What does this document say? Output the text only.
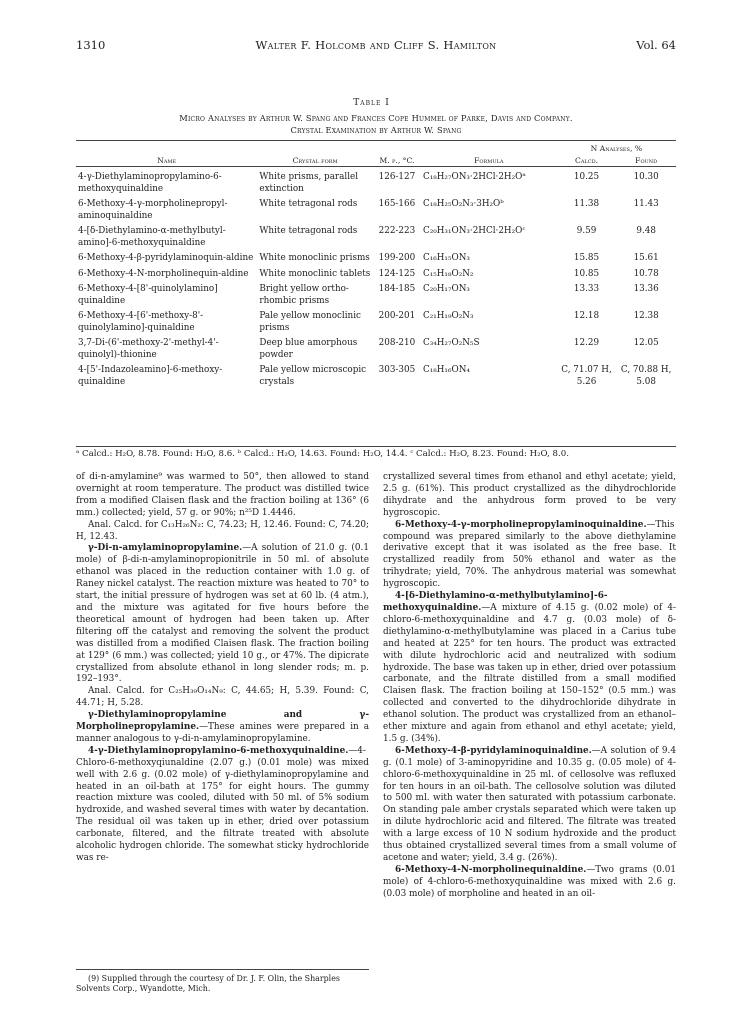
1310	Walter F. Holcomb and Cliff S. Hamilton	Vol. 64
Table I
Micro Analyses by Arthur W. Spang and Frances Cope Hummel of Parke, Davis and Company.
Crystal Examination by Arthur W. Spang
Name	Crystal form	M. p., °C.	Formula	N Analyses, %	
				Calcd.	Found
4-γ-Diethylaminopropylamino-6-methoxyquinaldine	White prisms, parallel extinction	126-127	C₁₈H₂₇ON₃·2HCl·2H₂Oᵃ	10.25	10.30
6-Methoxy-4-γ-morpholinepropyl-aminoquinaldine	White tetragonal rods	165-166	C₁₈H₂₅O₂N₃·3H₂Oᵇ	11.38	11.43
4-[δ-Diethylamino-α-methylbutyl-amino]-6-methoxyquinaldine	White tetragonal rods	222-223	C₂₀H₃₁ON₃·2HCl·2H₂Oᶜ	9.59	9.48
6-Methoxy-4-β-pyridylaminoquin-aldine	White monoclinic prisms	199-200	C₁₆H₁₅ON₃	15.85	15.61
6-Methoxy-4-N-morpholinequin-aldine	White monoclinic tablets	124-125	C₁₅H₁₈O₂N₂	10.85	10.78
6-Methoxy-4-[8'-quinolylamino] quinaldine	Bright yellow ortho-rhombic prisms	184-185	C₂₀H₁₇ON₃	13.33	13.36
6-Methoxy-4-[6'-methoxy-8'-quinolylamino]-quinaldine	Pale yellow monoclinic prisms	200-201	C₂₁H₁₉O₂N₃	12.18	12.38
3,7-Di-(6'-methoxy-2'-methyl-4'-quinolyl)-thionine	Deep blue amorphous powder	208-210	C₃₄H₂₇O₂N₅S	12.29	12.05
4-[5'-Indazoleamino]-6-methoxy-quinaldine	Pale yellow microscopic crystals	303-305	C₁₈H₁₆ON₄	C, 71.07 H, 5.26	C, 70.88 H, 5.08
ᵃ Calcd.: H₂O, 8.78. Found: H₂O, 8.6. ᵇ Calcd.: H₂O, 14.63. Found: H₂O, 14.4. ᶜ Calcd.: H₂O, 8.23. Found: H₂O, 8.0.

of di-n-amylamine⁹ was warmed to 50°, then allowed to stand overnight at room temperature. The product was distilled twice from a modified Claisen flask and the fraction boiling at 136° (6 mm.) collected; yield, 57 g. or 90%; n²⁵D 1.4446.

Anal. Calcd. for C₁₃H₂₆N₂: C, 74.23; H, 12.46. Found: C, 74.20; H, 12.43.

γ-Di-n-amylaminopropylamine.—A solution of 21.0 g. (0.1 mole) of β-di-n-amylaminopropionitrile in 50 ml. of absolute ethanol was placed in the reduction container with 1.0 g. of Raney nickel catalyst. The reaction mixture was heated to 70° to start, the initial pressure of hydrogen was set at 60 lb. (4 atm.), and the mixture was agitated for five hours before the theoretical amount of hydrogen had been taken up. After filtering off the catalyst and removing the solvent the product was distilled from a modified Claisen flask. The fraction boiling at 129° (6 mm.) was collected; yield 10 g., or 47%. The dipicrate crystallized from absolute ethanol in long slender rods; m. p. 192–193°.

Anal. Calcd. for C₂₅H₃₉O₁₄N₉: C, 44.65; H, 5.39. Found: C, 44.71; H, 5.28.

γ-Diethylaminopropylamine and γ-Morpholinepropylamine.—These amines were prepared in a manner analogous to γ-di-n-amylaminopropylamine.

4-γ-Diethylaminopropylamino-6-methoxyquinaldine.—4-Chloro-6-methoxyqiunaldine (2.07 g.) (0.01 mole) was mixed well with 2.6 g. (0.02 mole) of γ-diethylaminopropylamine and heated in an oil-bath at 175° for eight hours. The gummy reaction mixture was cooled, diluted with 50 ml. of 5% sodium hydroxide, and washed several times with water by decantation. The residual oil was taken up in ether, dried over potassium carbonate, filtered, and the filtrate treated with absolute alcoholic hydrogen chloride. The somewhat sticky hydrochloride was re-

crystallized several times from ethanol and ethyl acetate; yield, 2.5 g. (61%). This product crystallized as the dihydrochloride dihydrate and the anhydrous form proved to be very hygroscopic.

6-Methoxy-4-γ-morpholinepropylaminoquinaldine.—This compound was prepared similarly to the above diethylamine derivative except that it was isolated as the free base. It crystallized readily from 50% ethanol and water as the trihydrate; yield, 70%. The anhydrous material was somewhat hygroscopic.

4-[δ-Diethylamino-α-methylbutylamino]-6-methoxyquinaldine.—A mixture of 4.15 g. (0.02 mole) of 4-chloro-6-methoxyquinaldine and 4.7 g. (0.03 mole) of δ-diethylamino-α-methylbutylamine was placed in a Carius tube and heated at 225° for ten hours. The product was extracted with dilute hydrochloric acid and neutralized with sodium hydroxide. The base was taken up in ether, dried over potassium carbonate, and the filtrate distilled from a small modified Claisen flask. The fraction boiling at 150–152° (0.5 mm.) was collected and converted to the dihydrochloride dihydrate in ethanol solution. The product was crystallized from an ethanol–ether mixture and again from ethanol and ethyl acetate; yield, 1.5 g. (34%).

6-Methoxy-4-β-pyridylaminoquinaldine.—A solution of 9.4 g. (0.1 mole) of 3-aminopyridine and 10.35 g. (0.05 mole) of 4-chloro-6-methoxyquinaldine in 25 ml. of cellosolve was refluxed for ten hours in an oil-bath. The cellosolve solution was diluted to 500 ml. with water then saturated with potassium carbonate. On standing pale amber crystals separated which were taken up in dilute hydrochloric acid and filtered. The filtrate was treated with a large excess of 10 N sodium hydroxide and the product thus obtained crystallized several times from a small volume of acetone and water; yield, 3.4 g. (26%).

6-Methoxy-4-N-morpholinequinaldine.—Two grams (0.01 mole) of 4-chloro-6-methoxyquinaldine was mixed with 2.6 g. (0.03 mole) of morpholine and heated in an oil-

(9) Supplied through the courtesy of Dr. J. F. Olin, the Sharples Solvents Corp., Wyandotte, Mich.
